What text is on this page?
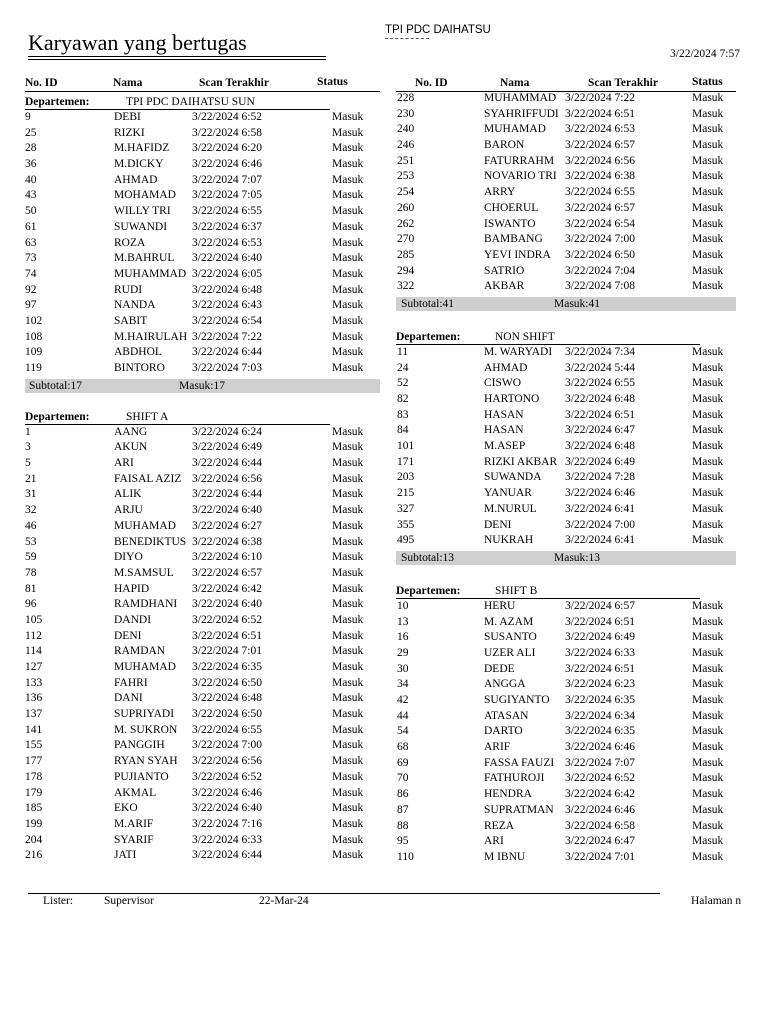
Karyawan yang bertugas	TPI PDC DAIHATSU
3/22/2024 7:57
No. ID	Nama	Scan Terakhir	Status	No. ID	Nama	Scan Terakhir	Status
Departemen:	TPI PDC DAIHATSU SUN
9	DEBI	3/22/2024 6:52	Masuk
25	RIZKI	3/22/2024 6:58	Masuk
28	M.HAFIDZ 3/22/2024 6:20	Masuk
36	M.DICKY 3/22/2024 6:46	Masuk
40	AHMAD	3/22/2024 7:07	Masuk
43	MOHAMAD 3/22/2024 7:05	Masuk
50	WILLY TRI 3/22/2024 6:55	Masuk
61	SUWANDI 3/22/2024 6:37	Masuk
63	ROZA	3/22/2024 6:53	Masuk
73	M.BAHRUL 3/22/2024 6:40	Masuk
74	MUHAMMAD 3/22/2024 6:05	Masuk
92	RUDI	3/22/2024 6:48	Masuk
97	NANDA	3/22/2024 6:43	Masuk
102	SABIT	3/22/2024 6:54	Masuk
108	M.HAIRULAH 3/22/2024 7:22	Masuk
109	ABDHOL	3/22/2024 6:44	Masuk
119	BINTORO 3/22/2024 7:03	Masuk
Subtotal:17	Masuk:17
Departemen:	SHIFT A
1	AANG	3/22/2024 6:24	Masuk
3	AKUN	3/22/2024 6:49	Masuk
5	ARI	3/22/2024 6:44	Masuk
21	FAISAL AZIZ 3/22/2024 6:56	Masuk
31	ALIK	3/22/2024 6:44	Masuk
32	ARJU	3/22/2024 6:40	Masuk
46	MUHAMAD 3/22/2024 6:27	Masuk
53	BENEDIKTUS 3/22/2024 6:38	Masuk
59	DIYO	3/22/2024 6:10	Masuk
78	M.SAMSUL 3/22/2024 6:57	Masuk
81	HAPID	3/22/2024 6:42	Masuk
96	RAMDHANI 3/22/2024 6:40	Masuk
105	DANDI	3/22/2024 6:52	Masuk
112	DENI	3/22/2024 6:51	Masuk
114	RAMDAN 3/22/2024 7:01	Masuk
127	MUHAMAD 3/22/2024 6:35	Masuk
133	FAHRI	3/22/2024 6:50	Masuk
136	DANI	3/22/2024 6:48	Masuk
137	SUPRIYADI 3/22/2024 6:50	Masuk
141	M. SUKRON 3/22/2024 6:55	Masuk
155	PANGGIH 3/22/2024 7:00	Masuk
177	RYAN SYAH 3/22/2024 6:56	Masuk
178	PUJIANTO 3/22/2024 6:52	Masuk
179	AKMAL	3/22/2024 6:46	Masuk
185	EKO	3/22/2024 6:40	Masuk
199	M.ARIF	3/22/2024 7:16	Masuk
204	SYARIF	3/22/2024 6:33	Masuk
216	JATI	3/22/2024 6:44	Masuk
228	MUHAMMAD 3/22/2024 7:22	Masuk
230	SYAHRIFFUDI 3/22/2024 6:51	Masuk
240	MUHAMAD 3/22/2024 6:53	Masuk
246	BARON	3/22/2024 6:57	Masuk
251	FATURRAHM 3/22/2024 6:56	Masuk
253	NOVARIO TRI 3/22/2024 6:38	Masuk
254	ARRY	3/22/2024 6:55	Masuk
260	CHOERUL 3/22/2024 6:57	Masuk
262	ISWANTO	3/22/2024 6:54	Masuk
270	BAMBANG 3/22/2024 7:00	Masuk
285	YEVI INDRA 3/22/2024 6:50	Masuk
294	SATRIO	3/22/2024 7:04	Masuk
322	AKBAR	3/22/2024 7:08	Masuk
Subtotal:41	Masuk:41
Departemen:	NON SHIFT
11	M. WARYADI 3/22/2024 7:34	Masuk
24	AHMAD	3/22/2024 5:44	Masuk
52	CISWO	3/22/2024 6:55	Masuk
82	HARTONO 3/22/2024 6:48	Masuk
83	HASAN	3/22/2024 6:51	Masuk
84	HASAN	3/22/2024 6:47	Masuk
101	M.ASEP	3/22/2024 6:48	Masuk
171	RIZKI AKBAR 3/22/2024 6:49	Masuk
203	SUWANDA 3/22/2024 7:28	Masuk
215	YANUAR	3/22/2024 6:46	Masuk
327	M.NURUL 3/22/2024 6:41	Masuk
355	DENI	3/22/2024 7:00	Masuk
495	NUKRAH	3/22/2024 6:41	Masuk
Subtotal:13	Masuk:13
Departemen:	SHIFT B
10	HERU	3/22/2024 6:57	Masuk
13	M. AZAM	3/22/2024 6:51	Masuk
16	SUSANTO 3/22/2024 6:49	Masuk
29	UZER ALI	3/22/2024 6:33	Masuk
30	DEDE	3/22/2024 6:51	Masuk
34	ANGGA	3/22/2024 6:23	Masuk
42	SUGIYANTO 3/22/2024 6:35	Masuk
44	ATASAN	3/22/2024 6:34	Masuk
54	DARTO	3/22/2024 6:35	Masuk
68	ARIF	3/22/2024 6:46	Masuk
69	FASSA FAUZI 3/22/2024 7:07	Masuk
70	FATHUROJI 3/22/2024 6:52	Masuk
86	HENDRA	3/22/2024 6:42	Masuk
87	SUPRATMAN 3/22/2024 6:46	Masuk
88	REZA	3/22/2024 6:58	Masuk
95	ARI	3/22/2024 6:47	Masuk
110	M IBNU	3/22/2024 7:01	Masuk
Lister:	Supervisor	22-Mar-24	Halaman n
